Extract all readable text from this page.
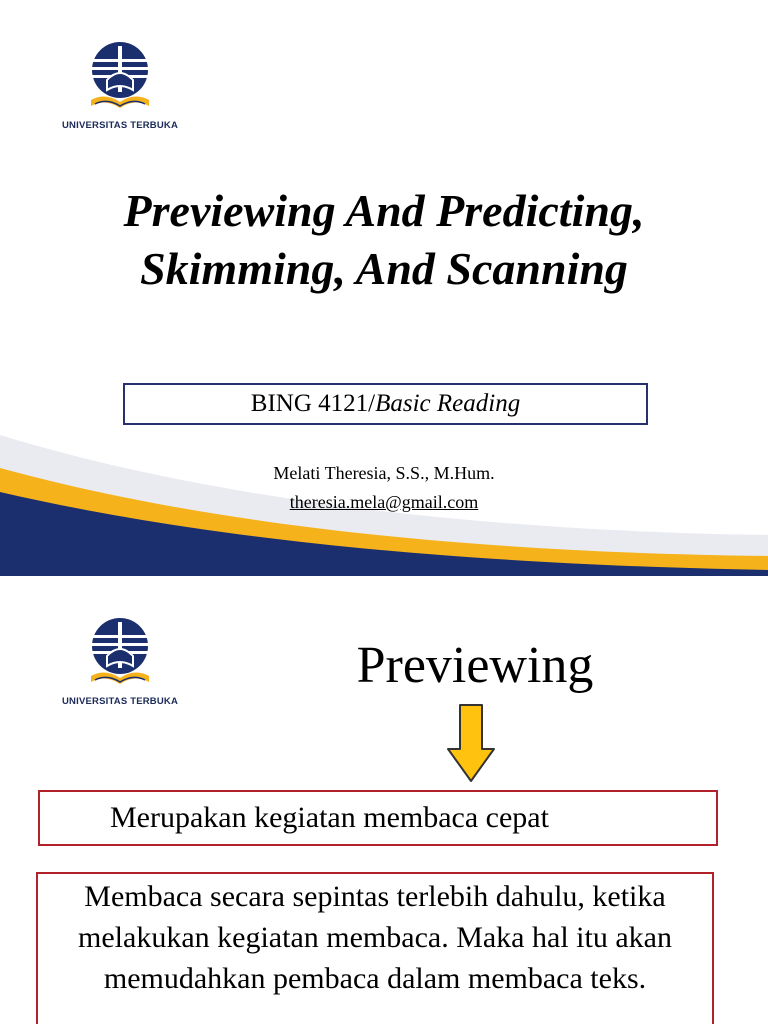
UNIVERSITAS TERBUKA
Previewing And Predicting,
Skimming, And Scanning
BING 4121/ Basic Reading
Melati Theresia, S.S., M.Hum.
theresia.mela@gmail.com
UNIVERSITAS TERBUKA
Previewing
Merupakan kegiatan membaca cepat
Membaca secara sepintas terlebih dahulu, ketika melakukan kegiatan membaca. Maka hal itu akan memudahkan pembaca dalam membaca teks.
